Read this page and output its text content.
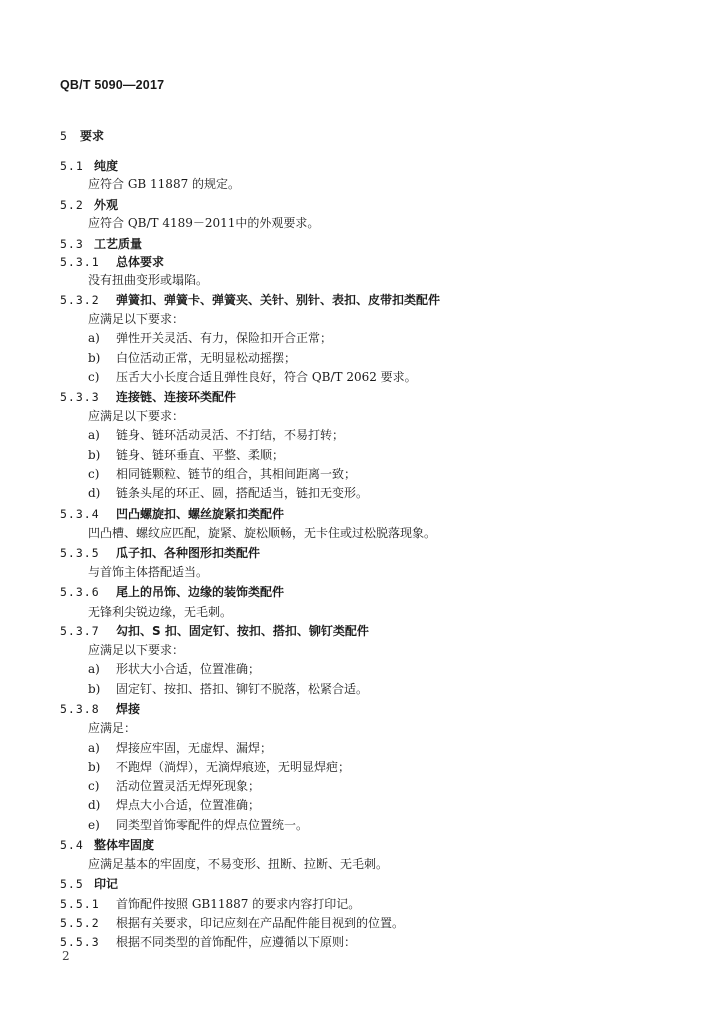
QB/T 5090—2017
5 要求
5.1 纯度
应符合 GB 11887 的规定。
5.2 外观
应符合 QB/T 4189－2011中的外观要求。
5.3 工艺质量
5.3.1 总体要求
没有扭曲变形或塌陷。
5.3.2 弹簧扣、弹簧卡、弹簧夹、关针、别针、表扣、皮带扣类配件
应满足以下要求：
a) 弹性开关灵活、有力，保险扣开合正常；
b) 白位活动正常，无明显松动摇摆；
c) 压舌大小长度合适且弹性良好，符合 QB/T 2062 要求。
5.3.3 连接链、连接环类配件
应满足以下要求：
a) 链身、链环活动灵活、不打结，不易打转；
b) 链身、链环垂直、平整、柔顺；
c) 相同链颗粒、链节的组合，其相间距离一致；
d) 链条头尾的环正、圆，搭配适当，链扣无变形。
5.3.4 凹凸螺旋扣、螺丝旋紧扣类配件
凹凸槽、螺纹应匹配，旋紧、旋松顺畅，无卡住或过松脱落现象。
5.3.5 瓜子扣、各种图形扣类配件
与首饰主体搭配适当。
5.3.6 尾上的吊饰、边缘的装饰类配件
无锋利尖锐边缘，无毛刺。
5.3.7 勾扣、S 扣、固定钉、按扣、搭扣、铆钉类配件
应满足以下要求：
a) 形状大小合适，位置准确；
b) 固定钉、按扣、搭扣、铆钉不脱落，松紧合适。
5.3.8 焊接
应满足：
a) 焊接应牢固，无虚焊、漏焊；
b) 不跑焊（淌焊），无滴焊痕迹，无明显焊疤；
c) 活动位置灵活无焊死现象；
d) 焊点大小合适，位置准确；
e) 同类型首饰零配件的焊点位置统一。
5.4 整体牢固度
应满足基本的牢固度，不易变形、扭断、拉断、无毛刺。
5.5 印记
5.5.1 首饰配件按照 GB11887 的要求内容打印记。
5.5.2 根据有关要求，印记应刻在产品配件能目视到的位置。
5.5.3 根据不同类型的首饰配件，应遵循以下原则：
2
